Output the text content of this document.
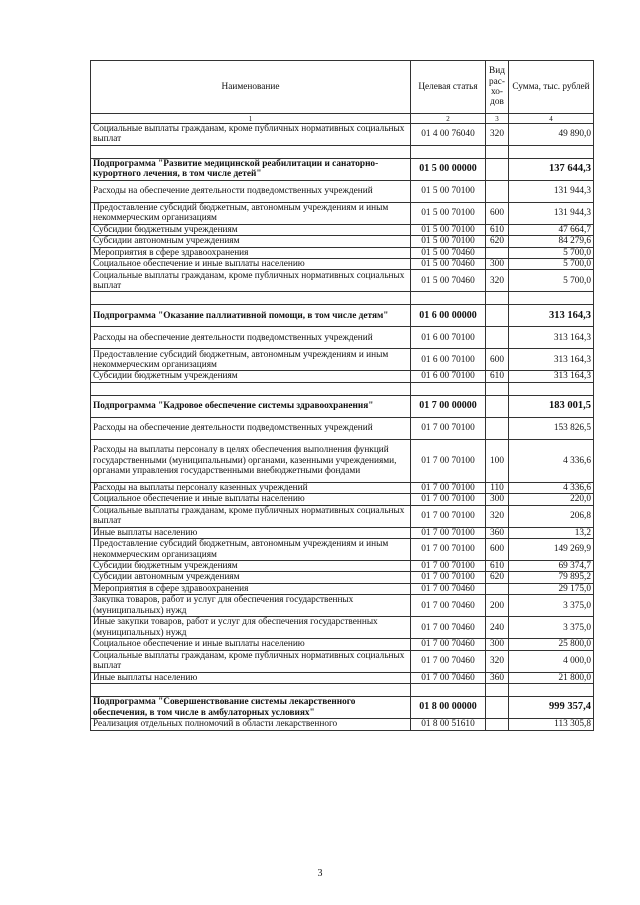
Наименование	Целевая статья	Вид рас-хо-дов	Сумма, тыс. рублей
1	2	3	4
Социальные выплаты гражданам, кроме публичных нормативных социальных выплат	01 4 00 76040	320	49 890,0

Подпрограмма "Развитие медицинской реабилитации и санаторно-курортного лечения, в том числе детей"	01 5 00 00000		137 644,3
Расходы на обеспечение деятельности подведомственных учреждений	01 5 00 70100		131 944,3
Предоставление субсидий бюджетным, автономным учреждениям и иным некоммерческим организациям	01 5 00 70100	600	131 944,3
Субсидии бюджетным учреждениям	01 5 00 70100	610	47 664,7
Субсидии автономным учреждениям	01 5 00 70100	620	84 279,6
Мероприятия в сфере здравоохранения	01 5 00 70460		5 700,0
Социальное обеспечение и иные выплаты населению	01 5 00 70460	300	5 700,0
Социальные выплаты гражданам, кроме публичных нормативных социальных выплат	01 5 00 70460	320	5 700,0

Подпрограмма "Оказание паллиативной помощи, в том числе детям"	01 6 00 00000		313 164,3
Расходы на обеспечение деятельности подведомственных учреждений	01 6 00 70100		313 164,3
Предоставление субсидий бюджетным, автономным учреждениям и иным некоммерческим организациям	01 6 00 70100	600	313 164,3
Субсидии бюджетным учреждениям	01 6 00 70100	610	313 164,3

Подпрограмма "Кадровое обеспечение системы здравоохранения"	01 7 00 00000		183 001,5
Расходы на обеспечение деятельности подведомственных учреждений	01 7 00 70100		153 826,5
Расходы на выплаты персоналу в целях обеспечения выполнения функций государственными (муниципальными) органами, казенными учреждениями, органами управления государственными внебюджетными фондами	01 7 00 70100	100	4 336,6
Расходы на выплаты персоналу казенных учреждений	01 7 00 70100	110	4 336,6
Социальное обеспечение и иные выплаты населению	01 7 00 70100	300	220,0
Социальные выплаты гражданам, кроме публичных нормативных социальных выплат	01 7 00 70100	320	206,8
Иные выплаты населению	01 7 00 70100	360	13,2
Предоставление субсидий бюджетным, автономным учреждениям и иным некоммерческим организациям	01 7 00 70100	600	149 269,9
Субсидии бюджетным учреждениям	01 7 00 70100	610	69 374,7
Субсидии автономным учреждениям	01 7 00 70100	620	79 895,2
Мероприятия в сфере здравоохранения	01 7 00 70460		29 175,0
Закупка товаров, работ и услуг для обеспечения государственных (муниципальных) нужд	01 7 00 70460	200	3 375,0
Иные закупки товаров, работ и услуг для обеспечения государственных (муниципальных) нужд	01 7 00 70460	240	3 375,0
Социальное обеспечение и иные выплаты населению	01 7 00 70460	300	25 800,0
Социальные выплаты гражданам, кроме публичных нормативных социальных выплат	01 7 00 70460	320	4 000,0
Иные выплаты населению	01 7 00 70460	360	21 800,0

Подпрограмма "Совершенствование системы лекарственного обеспечения, в том числе в амбулаторных условиях"	01 8 00 00000		999 357,4
Реализация отдельных полномочий в области лекарственного	01 8 00 51610		113 305,8
3
